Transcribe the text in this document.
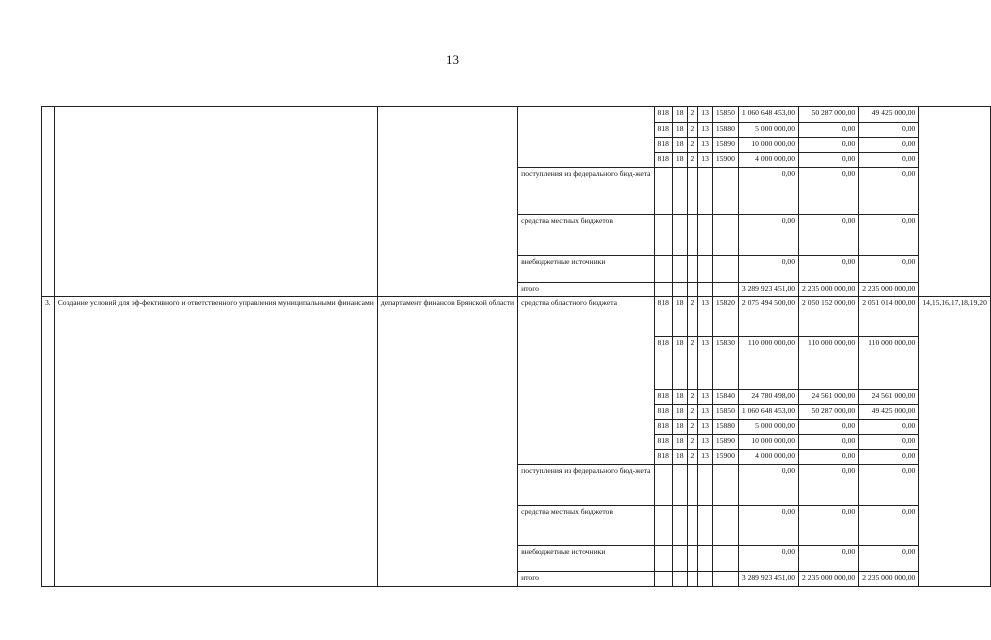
13
				818	18	2	13	15850	1 060 648 453,00	50 287 000,00	49 425 000,00	
				818	18	2	13	15880	5 000 000,00	0,00	0,00	
				818	18	2	13	15890	10 000 000,00	0,00	0,00	
				818	18	2	13	15900	4 000 000,00	0,00	0,00	
			поступления из федерального бюд-жета						0,00	0,00	0,00	
			средства местных бюджетов						0,00	0,00	0,00	
			внебюджетные источники						0,00	0,00	0,00	
			итого						3 289 923 451,00	2 235 000 000,00	2 235 000 000,00	
3.	Создание условий для эф-фективного и ответственного управления муниципальными финансами	департамент финансов Брянской области	средства областного бюджета	818	18	2	13	15820	2 075 494 500,00	2 050 152 000,00	2 051 014 000,00	14,15,16,17,18,19,20
				818	18	2	13	15830	110 000 000,00	110 000 000,00	110 000 000,00	
				818	18	2	13	15840	24 780 498,00	24 561 000,00	24 561 000,00	
				818	18	2	13	15850	1 060 648 453,00	50 287 000,00	49 425 000,00	
				818	18	2	13	15880	5 000 000,00	0,00	0,00	
				818	18	2	13	15890	10 000 000,00	0,00	0,00	
				818	18	2	13	15900	4 000 000,00	0,00	0,00	
			поступления из федерального бюд-жета						0,00	0,00	0,00	
			средства местных бюджетов						0,00	0,00	0,00	
			внебюджетные источники						0,00	0,00	0,00	
			итого						3 289 923 451,00	2 235 000 000,00	2 235 000 000,00	
